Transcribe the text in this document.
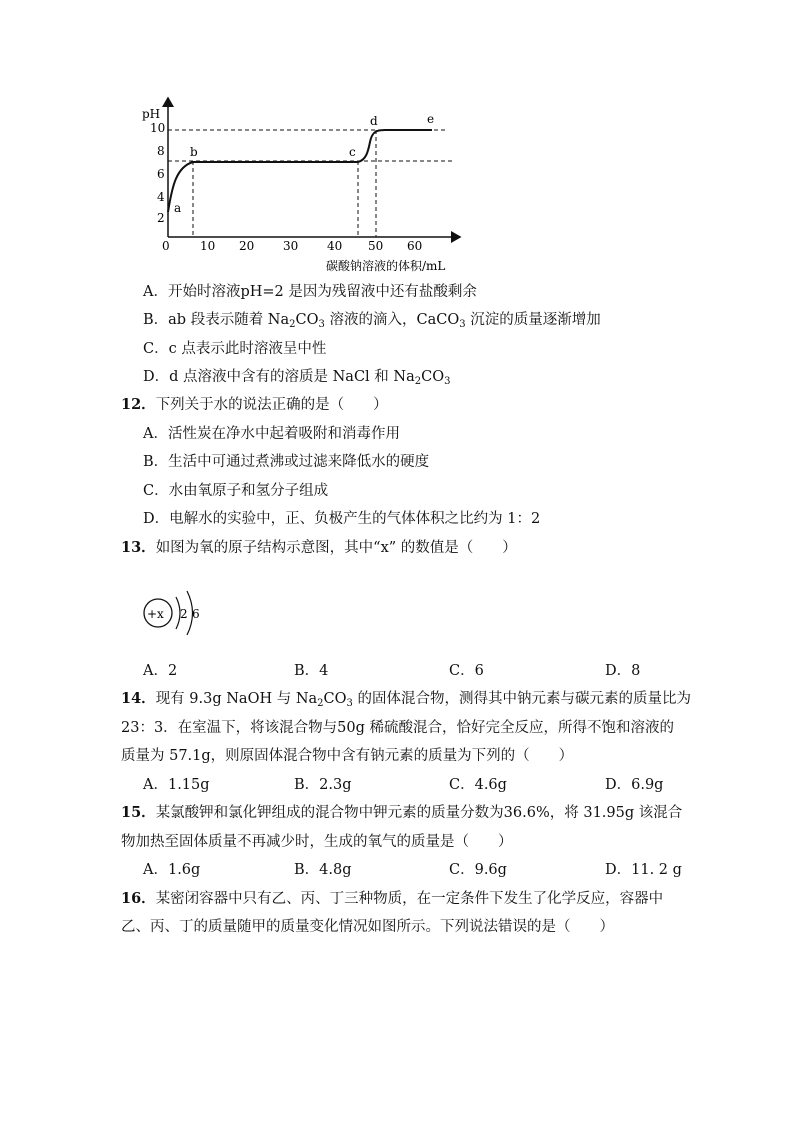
pH
2
4
6
8
10
0	10 20 30 40 50 60
碳酸钠溶液的体积/mL
a
b	c
d	e
A．开始时溶液pH=2 是因为残留液中还有盐酸剩余
B．ab 段表示随着 $Na_2CO_3$ 溶液的滴入，CaCO$_3$ 沉淀的质量逐渐增加
C．c 点表示此时溶液呈中性
D．d 点溶液中含有的溶质是 NaCl 和 $Na_2CO_3$
12．下列关于水的说法正确的是（　　）
A．活性炭在净水中起着吸附和消毒作用
B．生活中可通过煮沸或过滤来降低水的硬度
C．水由氧原子和氢分子组成
D．电解水的实验中，正、负极产生的气体体积之比约为 1：2
13．如图为氧的原子结构示意图，其中“x” 的数值是（　　）
+x 2 6
A．2	B．4	C．6	D．8
14．现有 9.3g NaOH 与 $Na_2CO_3$ 的固体混合物，测得其中钠元素与碳元素的质量比为
23：3．在室温下，将该混合物与50g 稀硫酸混合，恰好完全反应，所得不饱和溶液的
质量为 57.1g，则原固体混合物中含有钠元素的质量为下列的（　　）
A．1.15g	B．2.3g	C．4.6g	D．6.9g
15．某氯酸钾和氯化钾组成的混合物中钾元素的质量分数为36.6%，将 31.95g 该混合
物加热至固体质量不再减少时，生成的氧气的质量是（　　）
A．1.6g	B．4.8g	C．9.6g	D．11. 2 g
16．某密闭容器中只有乙、丙、丁三种物质，在一定条件下发生了化学反应，容器中
乙、丙、丁的质量随甲的质量变化情况如图所示。下列说法错误的是（　　）
